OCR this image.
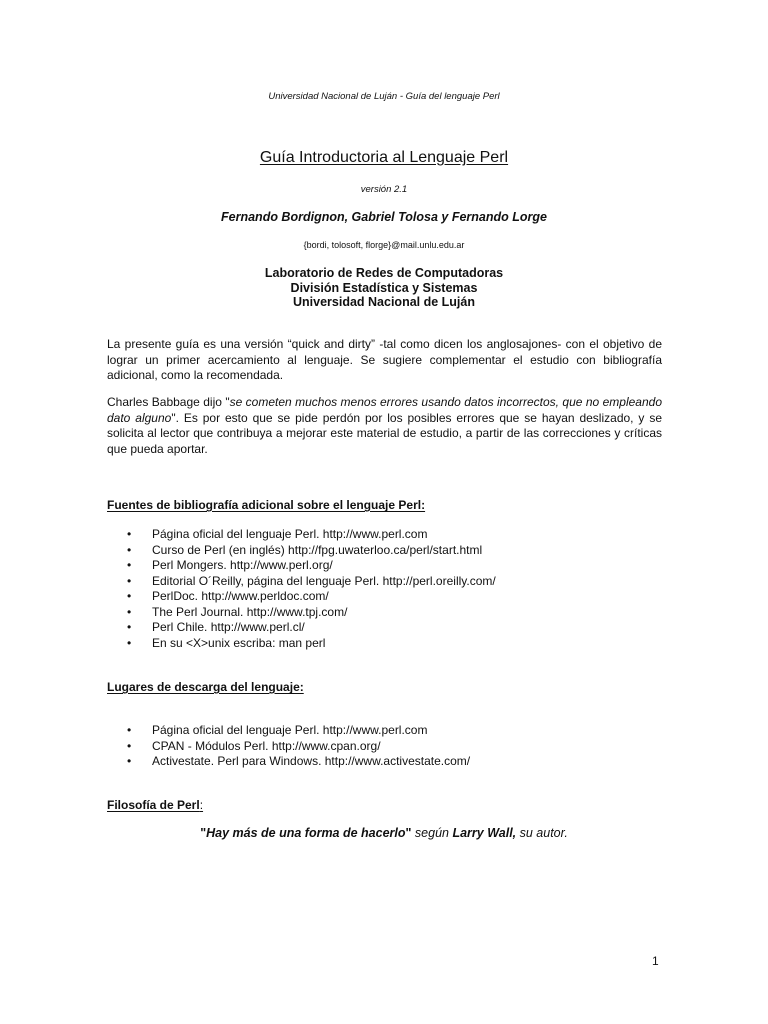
Universidad Nacional de Luján - Guía del lenguaje Perl
Guía Introductoria al Lenguaje Perl
versión 2.1
Fernando Bordignon, Gabriel Tolosa y Fernando Lorge
{bordi, tolosoft, florge}@mail.unlu.edu.ar
Laboratorio de Redes de Computadoras
División Estadística y Sistemas
Universidad Nacional de Luján
La presente guía es una versión “quick and dirty” -tal como dicen los anglosajones- con el objetivo de lograr un primer acercamiento al lenguaje. Se sugiere complementar el estudio con bibliografía adicional, como la recomendada.
Charles Babbage dijo "se cometen muchos menos errores usando datos incorrectos, que no empleando dato alguno". Es por esto que se pide perdón por los posibles errores que se hayan deslizado, y se solicita al lector que contribuya a mejorar este material de estudio, a partir de las correcciones y críticas que pueda aportar.
Fuentes de bibliografía adicional sobre el lenguaje Perl:
• Página oficial del lenguaje Perl. http://www.perl.com
• Curso de Perl (en inglés) http://fpg.uwaterloo.ca/perl/start.html
• Perl Mongers. http://www.perl.org/
• Editorial O´Reilly, página del lenguaje Perl. http://perl.oreilly.com/
• PerlDoc. http://www.perldoc.com/
• The Perl Journal. http://www.tpj.com/
• Perl Chile. http://www.perl.cl/
• En su <X>unix escriba: man perl
Lugares de descarga del lenguaje:
• Página oficial del lenguaje Perl. http://www.perl.com
• CPAN - Módulos Perl. http://www.cpan.org/
• Activestate. Perl para Windows. http://www.activestate.com/
Filosofía de Perl:
"Hay más de una forma de hacerlo" según Larry Wall, su autor.
1
